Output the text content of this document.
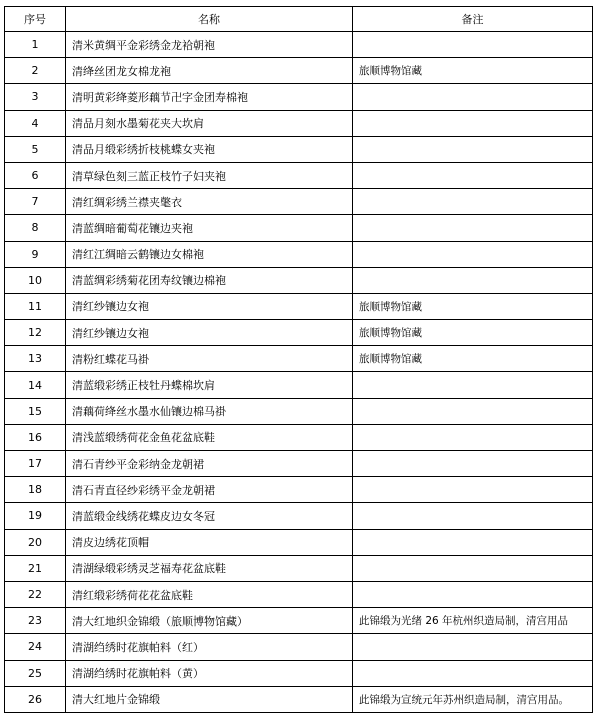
序号	名称	备注
1	清米黄绸平金彩绣金龙袷朝袍	
2	清绛丝团龙女棉龙袍	旅顺博物馆藏
3	清明黄彩绛菱形藕节卍字金团寿棉袍	
4	清品月刻水墨菊花夹大坎肩	
5	清品月缎彩绣折枝桃蝶女夹袍	
6	清草绿色刻三蓝正枝竹子妇夹袍	
7	清红绸彩绣兰襟夹氅衣	
8	清蓝绸暗葡萄花镶边夹袍	
9	清红江绸暗云鹤镶边女棉袍	
10	清蓝绸彩绣菊花团寿纹镶边棉袍	
11	清红纱镶边女袍	旅顺博物馆藏
12	清红纱镶边女袍	旅顺博物馆藏
13	清粉红蝶花马褂	旅顺博物馆藏
14	清蓝缎彩绣正枝牡丹蝶棉坎肩	
15	清藕荷绛丝水墨水仙镶边棉马褂	
16	清浅蓝缎绣荷花金鱼花盆底鞋	
17	清石青纱平金彩纳金龙朝裙	
18	清石青直径纱彩绣平金龙朝裙	
19	清蓝缎金线绣花蝶皮边女冬冠	
20	清皮边绣花顶帽	
21	清湖绿缎彩绣灵芝福寿花盆底鞋	
22	清红缎彩绣荷花花盆底鞋	
23	清大红地织金锦缎（旅顺博物馆藏）	此锦缎为光绪 26 年杭州织造局制，清宫用品
24	清湖绉绣时花旗帕料（红）	
25	清湖绉绣时花旗帕料（黄）	
26	清大红地片金锦缎	此锦缎为宣统元年苏州织造局制，清宫用品。
